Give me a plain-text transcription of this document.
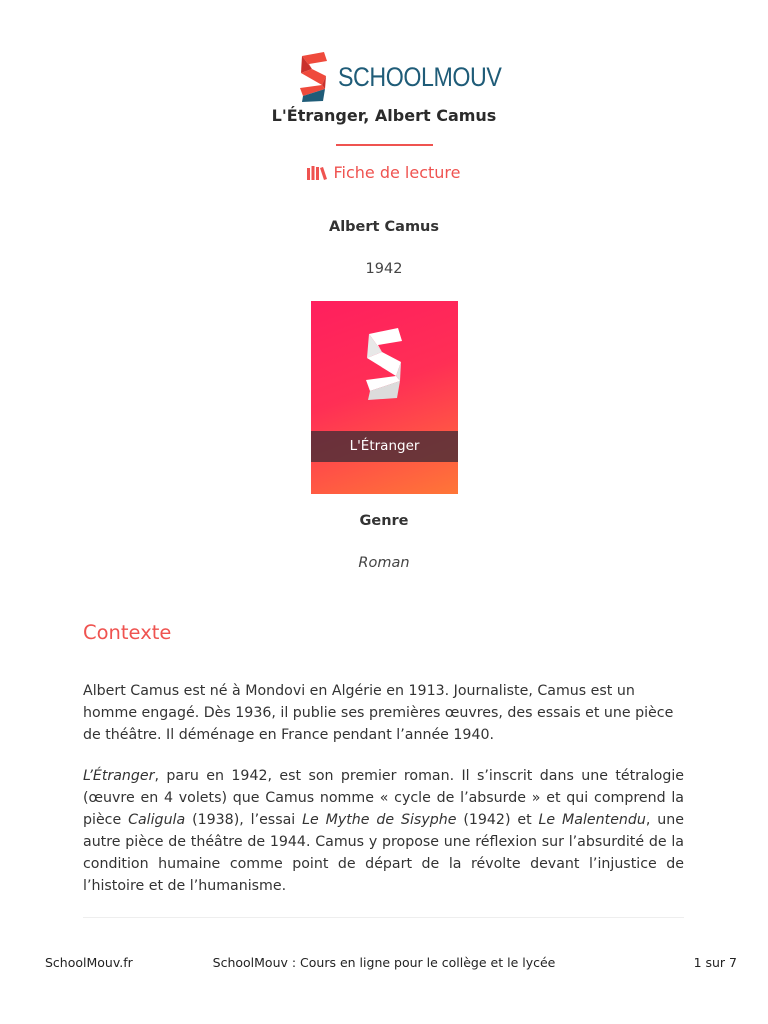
SCHOOLMOUV
L'Étranger, Albert Camus
Fiche de lecture
Albert Camus
1942
L'Étranger
Genre
Roman
Contexte

Albert Camus est né à Mondovi en Algérie en 1913. Journaliste, Camus est un homme engagé. Dès 1936, il publie ses premières œuvres, des essais et une pièce de théâtre. Il déménage en France pendant l’année 1940.

L’Étranger, paru en 1942, est son premier roman. Il s’inscrit dans une tétralogie (œuvre en 4 volets) que Camus nomme « cycle de l’absurde » et qui comprend la pièce Caligula (1938), l’essai Le Mythe de Sisyphe (1942) et Le Malentendu, une autre pièce de théâtre de 1944. Camus y propose une réflexion sur l’absurdité de la condition humaine comme point de départ de la révolte devant l’injustice de l’histoire et de l’humanisme.

SchoolMouv.fr	SchoolMouv : Cours en ligne pour le collège et le lycée	1 sur 7
